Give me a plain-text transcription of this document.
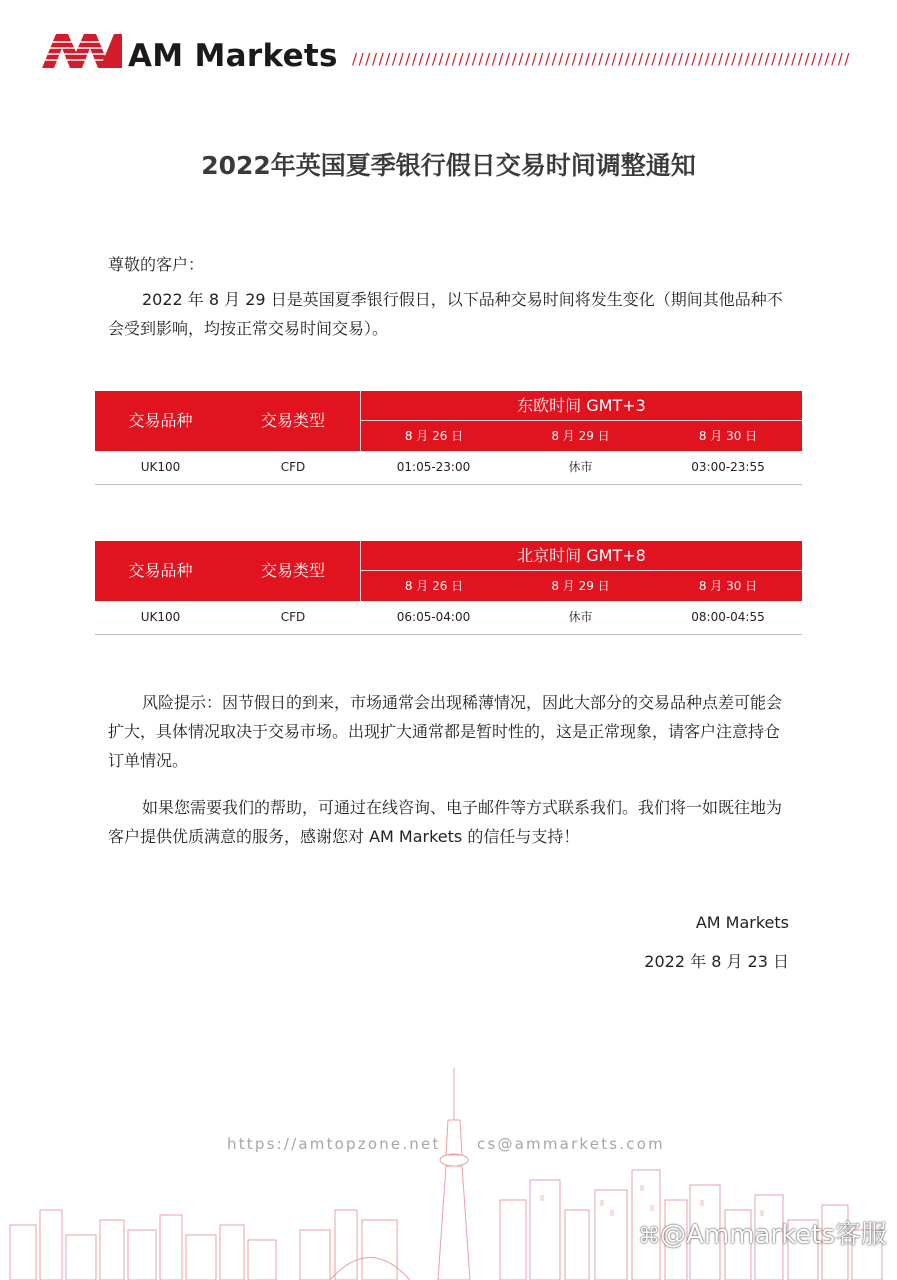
AM Markets ///////////////////////////////////////////////////////////////////////////
2022年英国夏季银行假日交易时间调整通知
尊敬的客户：
2022 年 8 月 29 日是英国夏季银行假日，以下品种交易时间将发生变化（期间其他品种不会受到影响，均按正常交易时间交易）。
交易品种	交易类型
东欧时间 GMT+3
8 月 26 日	8 月 29 日	8 月 30 日
UK100	CFD	01:05-23:00	休市	03:00-23:55
交易品种	交易类型
北京时间 GMT+8
8 月 26 日	8 月 29 日	8 月 30 日
UK100	CFD	06:05-04:00	休市	08:00-04:55
风险提示：因节假日的到来，市场通常会出现稀薄情况，因此大部分的交易品种点差可能会扩大，具体情况取决于交易市场。出现扩大通常都是暂时性的，这是正常现象，请客户注意持仓订单情况。
如果您需要我们的帮助，可通过在线咨询、电子邮件等方式联系我们。我们将一如既往地为客户提供优质满意的服务，感谢您对 AM Markets 的信任与支持！
AM Markets
2022 年 8 月 23 日
https://amtopzone.net cs@ammarkets.com
⌘@Ammarkets客服
